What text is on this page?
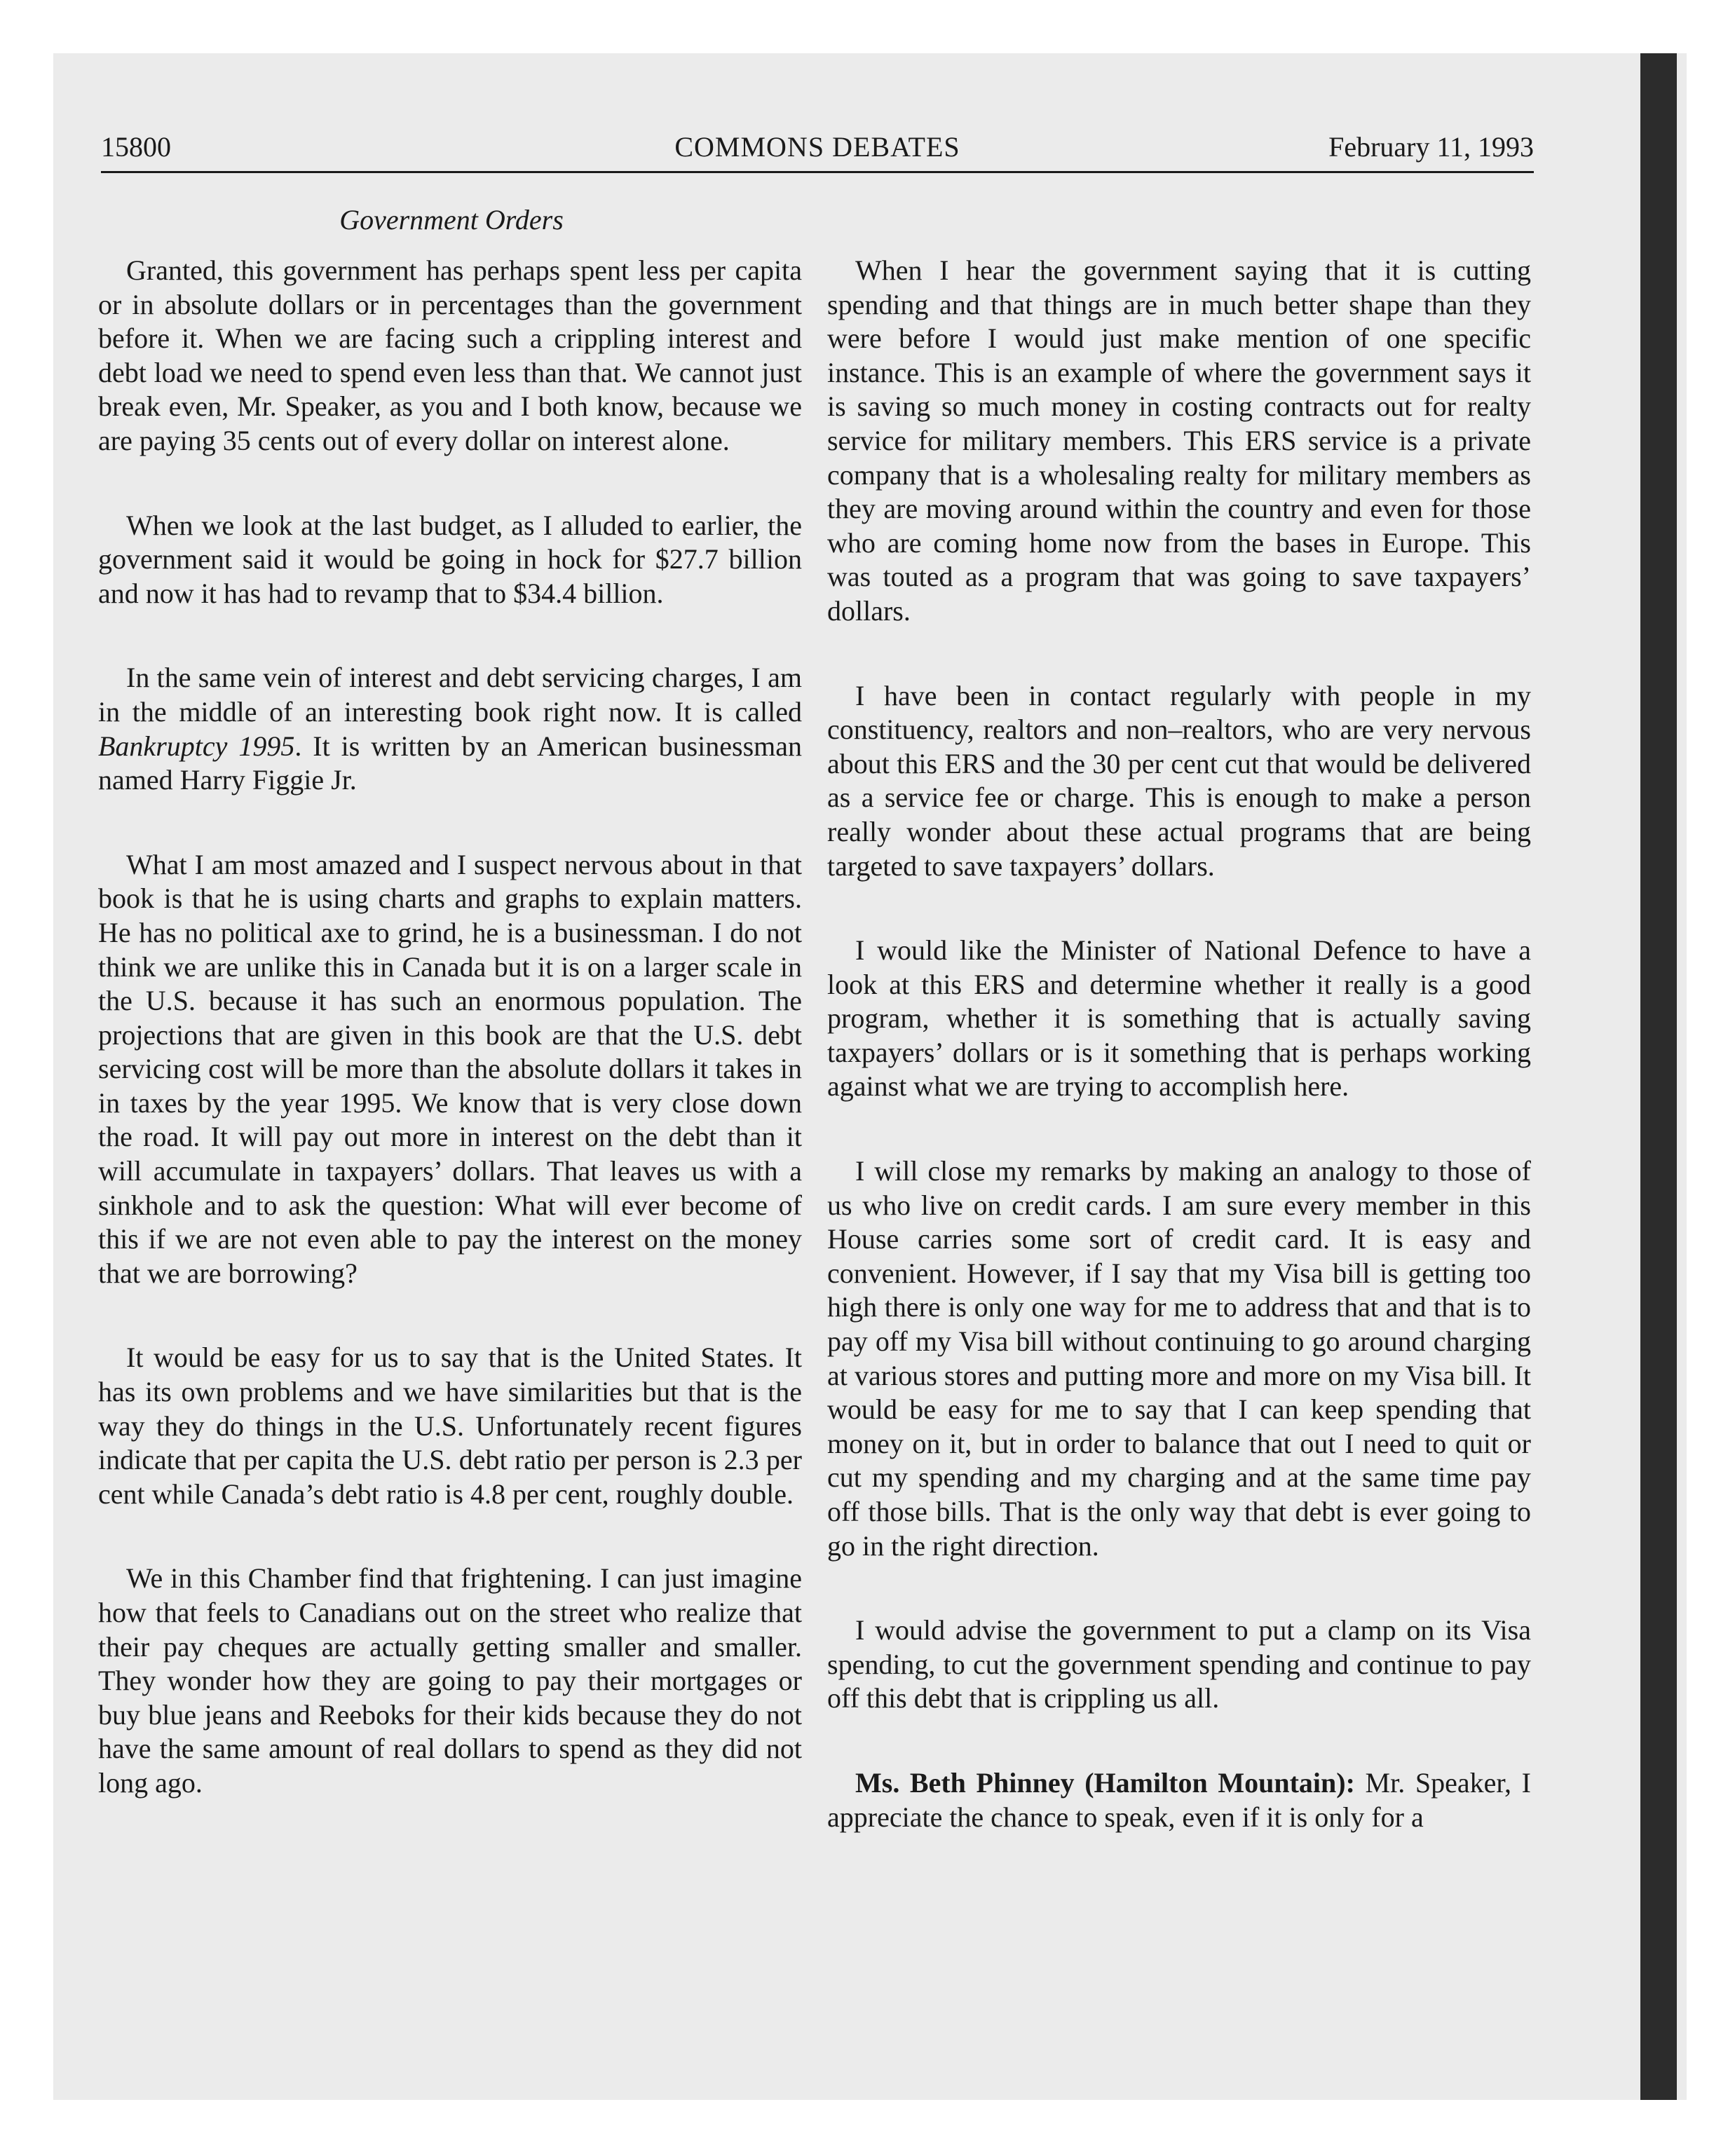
15800	COMMONS DEBATES	February 11, 1993
Government Orders

Granted, this government has perhaps spent less per capita or in absolute dollars or in percentages than the government before it. When we are facing such a crippling interest and debt load we need to spend even less than that. We cannot just break even, Mr. Speaker, as you and I both know, because we are paying 35 cents out of every dollar on interest alone.

When we look at the last budget, as I alluded to earlier, the government said it would be going in hock for $27.7 billion and now it has had to revamp that to $34.4 billion.

In the same vein of interest and debt servicing charges, I am in the middle of an interesting book right now. It is called Bankruptcy 1995. It is written by an American businessman named Harry Figgie Jr.

What I am most amazed and I suspect nervous about in that book is that he is using charts and graphs to explain matters. He has no political axe to grind, he is a businessman. I do not think we are unlike this in Canada but it is on a larger scale in the U.S. because it has such an enormous population. The projections that are given in this book are that the U.S. debt servicing cost will be more than the absolute dollars it takes in in taxes by the year 1995. We know that is very close down the road. It will pay out more in interest on the debt than it will accumulate in taxpayers’ dollars. That leaves us with a sinkhole and to ask the question: What will ever become of this if we are not even able to pay the interest on the money that we are borrowing?

It would be easy for us to say that is the United States. It has its own problems and we have similarities but that is the way they do things in the U.S. Unfortunately recent figures indicate that per capita the U.S. debt ratio per person is 2.3 per cent while Canada’s debt ratio is 4.8 per cent, roughly double.

We in this Chamber find that frightening. I can just imagine how that feels to Canadians out on the street who realize that their pay cheques are actually getting smaller and smaller. They wonder how they are going to pay their mortgages or buy blue jeans and Reeboks for their kids because they do not have the same amount of real dollars to spend as they did not long ago.

When I hear the government saying that it is cutting spending and that things are in much better shape than they were before I would just make mention of one specific instance. This is an example of where the government says it is saving so much money in costing contracts out for realty service for military members. This ERS service is a private company that is a wholesaling realty for military members as they are moving around within the country and even for those who are coming home now from the bases in Europe. This was touted as a program that was going to save taxpayers’ dollars.

I have been in contact regularly with people in my constituency, realtors and non–realtors, who are very nervous about this ERS and the 30 per cent cut that would be delivered as a service fee or charge. This is enough to make a person really wonder about these actual programs that are being targeted to save taxpayers’ dollars.

I would like the Minister of National Defence to have a look at this ERS and determine whether it really is a good program, whether it is something that is actually saving taxpayers’ dollars or is it something that is perhaps working against what we are trying to accomplish here.

I will close my remarks by making an analogy to those of us who live on credit cards. I am sure every member in this House carries some sort of credit card. It is easy and convenient. However, if I say that my Visa bill is getting too high there is only one way for me to address that and that is to pay off my Visa bill without continuing to go around charging at various stores and putting more and more on my Visa bill. It would be easy for me to say that I can keep spending that money on it, but in order to balance that out I need to quit or cut my spending and my charging and at the same time pay off those bills. That is the only way that debt is ever going to go in the right direction.

I would advise the government to put a clamp on its Visa spending, to cut the government spending and continue to pay off this debt that is crippling us all.

Ms. Beth Phinney (Hamilton Mountain): Mr. Speaker, I appreciate the chance to speak, even if it is only for a
